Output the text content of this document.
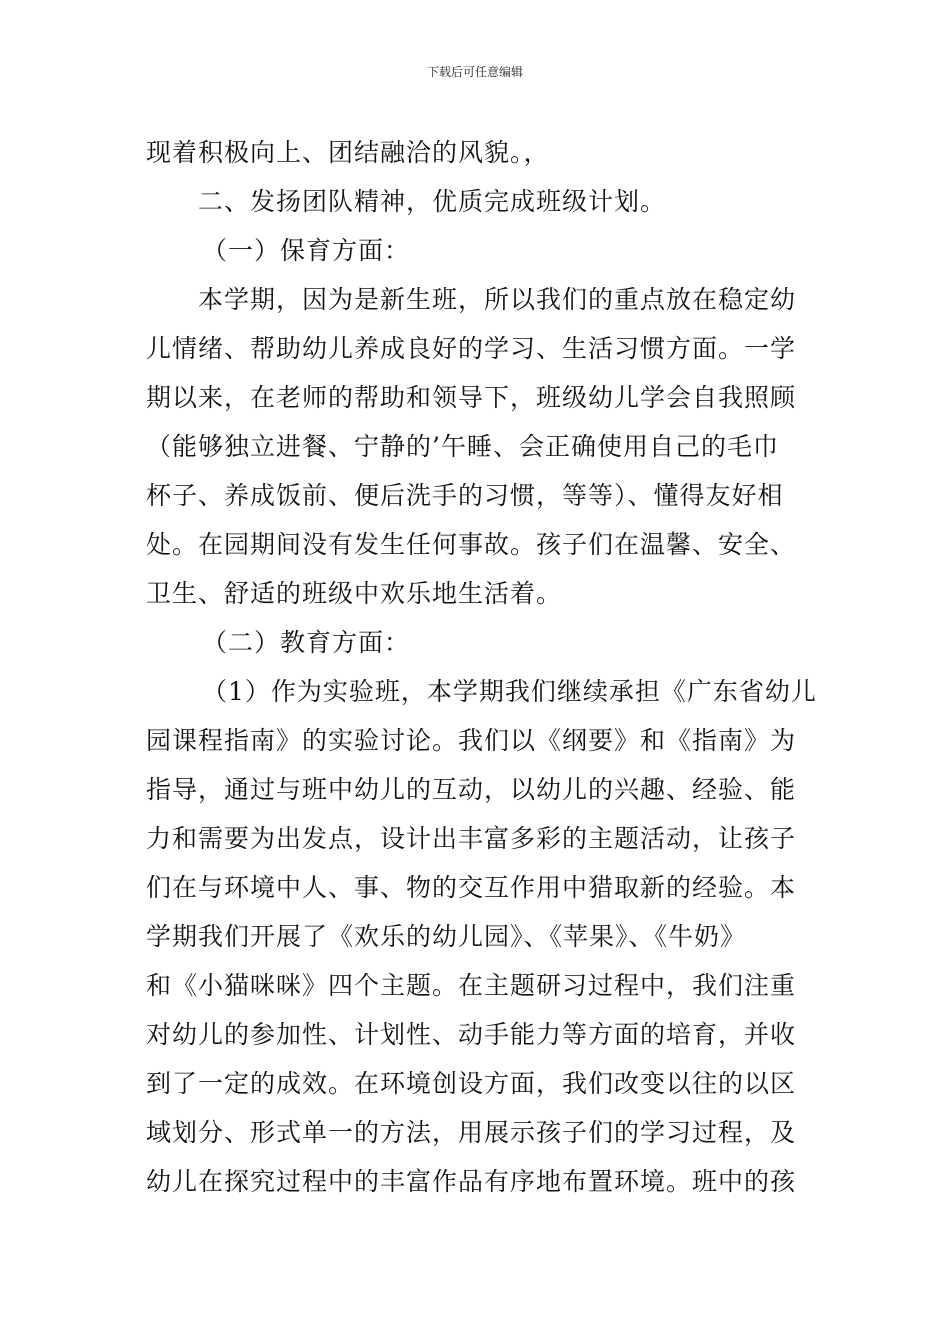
下载后可任意编辑
现着积极向上、团结融洽的风貌。，
二、发扬团队精神，优质完成班级计划。
（一）保育方面：
本学期，因为是新生班，所以我们的重点放在稳定幼
儿情绪、帮助幼儿养成良好的学习、生活习惯方面。一学
期以来，在老师的帮助和领导下，班级幼儿学会自我照顾
（能够独立进餐、宁静的’午睡、会正确使用自己的毛巾
杯子、养成饭前、便后洗手的习惯，等等）、懂得友好相
处。在园期间没有发生任何事故。孩子们在温馨、安全、
卫生、舒适的班级中欢乐地生活着。
（二）教育方面：
（1）作为实验班，本学期我们继续承担《广东省幼儿
园课程指南》的实验讨论。我们以《纲要》和《指南》为
指导，通过与班中幼儿的互动，以幼儿的兴趣、经验、能
力和需要为出发点，设计出丰富多彩的主题活动，让孩子
们在与环境中人、事、物的交互作用中猎取新的经验。本
学期我们开展了《欢乐的幼儿园》、《苹果》、《牛奶》
和《小猫咪咪》四个主题。在主题研习过程中，我们注重
对幼儿的参加性、计划性、动手能力等方面的培育，并收
到了一定的成效。在环境创设方面，我们改变以往的以区
域划分、形式单一的方法，用展示孩子们的学习过程，及
幼儿在探究过程中的丰富作品有序地布置环境。班中的孩
